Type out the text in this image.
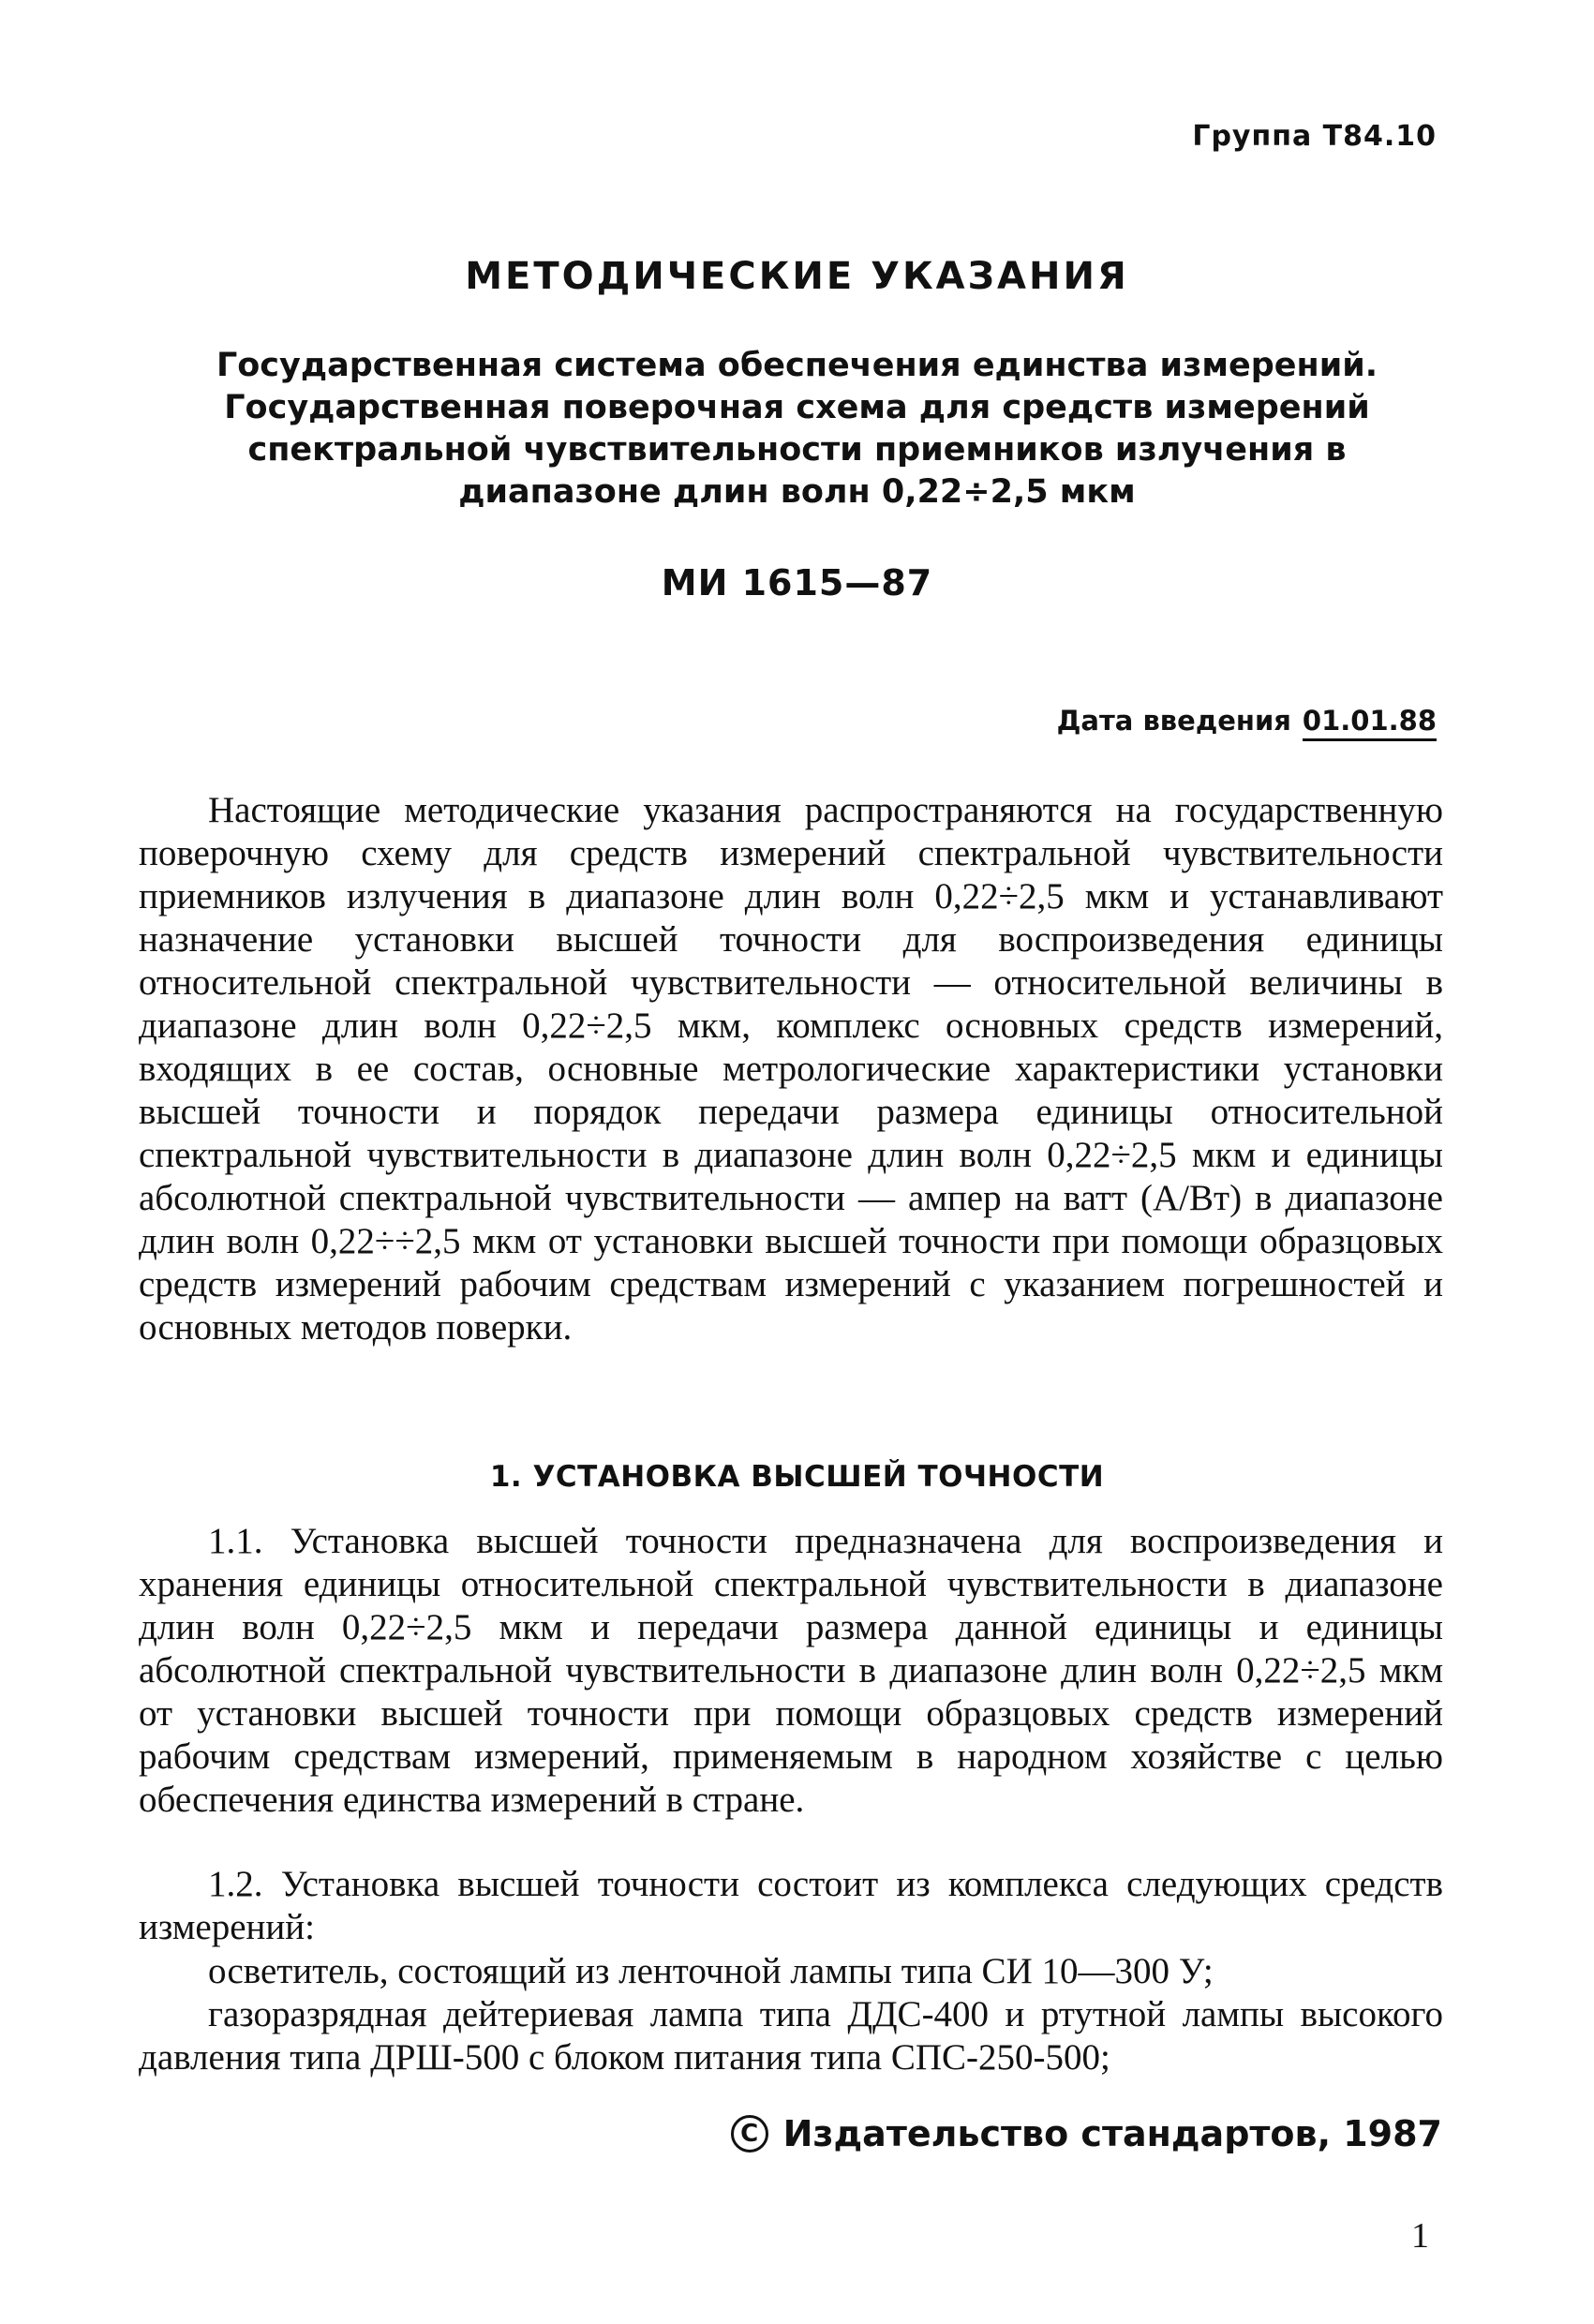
Группа Т84.10
МЕТОДИЧЕСКИЕ УКАЗАНИЯ
Государственная система обеспечения единства измерений.
Государственная поверочная схема для средств измерений
спектральной чувствительности приемников излучения в
диапазоне длин волн 0,22÷2,5 мкм
МИ 1615—87
Дата введения 01.01.88
Настоящие методические указания распространяются на государственную поверочную схему для средств измерений спектральной чувствительности приемников излучения в диапазоне длин волн 0,22÷2,5 мкм и устанавливают назначение установки высшей точности для воспроизведения единицы относительной спектральной чувствительности — относительной величины в диапазоне длин волн 0,22÷2,5 мкм, комплекс основных средств измерений, входящих в ее состав, основные метрологические характеристики установки высшей точности и порядок передачи размера единицы относительной спектральной чувствительности в диапазоне длин волн 0,22÷2,5 мкм и единицы абсолютной спектральной чувствительности — ампер на ватт (А/Вт) в диапазоне длин волн 0,22÷÷2,5 мкм от установки высшей точности при помощи образцовых средств измерений рабочим средствам измерений с указанием погрешностей и основных методов поверки.
1. УСТАНОВКА ВЫСШЕЙ ТОЧНОСТИ
1.1. Установка высшей точности предназначена для воспроизведения и хранения единицы относительной спектральной чувствительности в диапазоне длин волн 0,22÷2,5 мкм и передачи размера данной единицы и единицы абсолютной спектральной чувствительности в диапазоне длин волн 0,22÷2,5 мкм от установки высшей точности при помощи образцовых средств измерений рабочим средствам измерений, применяемым в народном хозяйстве с целью обеспечения единства измерений в стране.
1.2. Установка высшей точности состоит из комплекса следующих средств измерений:
осветитель, состоящий из ленточной лампы типа СИ 10—300 У;
газоразрядная дейтериевая лампа типа ДДС-400 и ртутной лампы высокого давления типа ДРШ-500 с блоком питания типа СПС-250-500;
C Издательство стандартов, 1987
1
